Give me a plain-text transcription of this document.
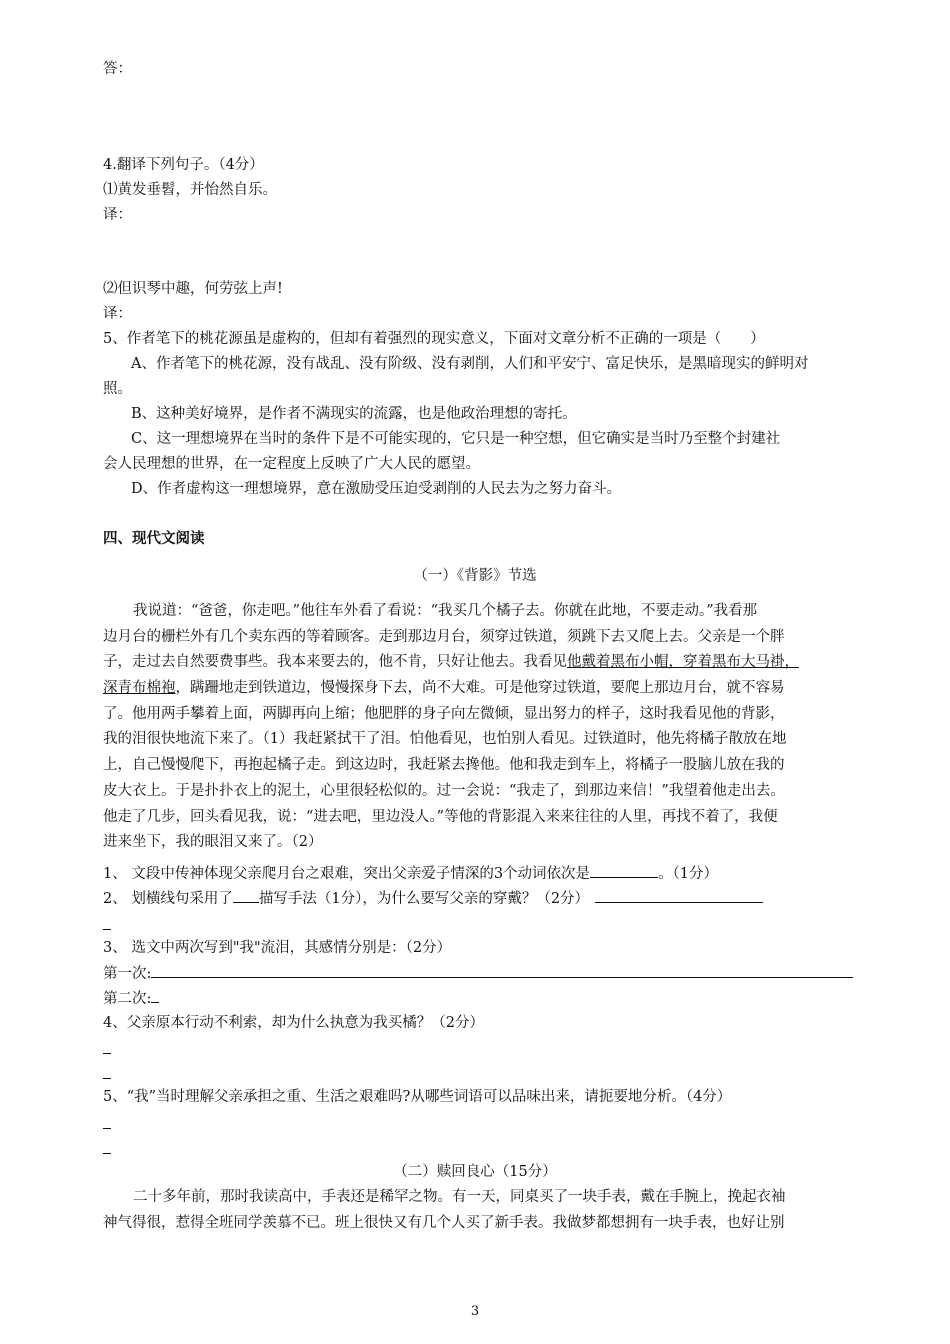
答：
4.翻译下列句子。（4分）
⑴黄发垂髫，并怡然自乐。
译：
⑵但识琴中趣，何劳弦上声!
译：
5、作者笔下的桃花源虽是虚构的，但却有着强烈的现实意义，下面对文章分析不正确的一项是（　　）
A、作者笔下的桃花源，没有战乱、没有阶级、没有剥削，人们和平安宁、富足快乐，是黑暗现实的鲜明对
照。
B、这种美好境界，是作者不满现实的流露，也是他政治理想的寄托。
C、这一理想境界在当时的条件下是不可能实现的，它只是一种空想，但它确实是当时乃至整个封建社
会人民理想的世界，在一定程度上反映了广大人民的愿望。
D、作者虚构这一理想境界，意在激励受压迫受剥削的人民去为之努力奋斗。
四、现代文阅读
（一）《背影》节选
我说道：“爸爸，你走吧。”他往车外看了看说：“我买几个橘子去。你就在此地，不要走动。”我看那
边月台的栅栏外有几个卖东西的等着顾客。走到那边月台，须穿过铁道，须跳下去又爬上去。父亲是一个胖
子，走过去自然要费事些。我本来要去的，他不肯，只好让他去。我看见他戴着黑布小帽，穿着黑布大马褂，
深青布棉袍，蹒跚地走到铁道边，慢慢探身下去，尚不大难。可是他穿过铁道，要爬上那边月台，就不容易
了。他用两手攀着上面，两脚再向上缩；他肥胖的身子向左微倾，显出努力的样子，这时我看见他的背影，
我的泪很快地流下来了。（1）我赶紧拭干了泪。怕他看见，也怕别人看见。过铁道时，他先将橘子散放在地
上，自己慢慢爬下，再抱起橘子走。到这边时，我赶紧去搀他。他和我走到车上，将橘子一股脑儿放在我的
皮大衣上。于是扑扑衣上的泥土，心里很轻松似的。过一会说：“我走了，到那边来信！”我望着他走出去。
他走了几步，回头看见我，说：“进去吧，里边没人。”等他的背影混入来来往往的人里，再找不着了，我便
进来坐下，我的眼泪又来了。（2）
1、 文段中传神体现父亲爬月台之艰难，突出父亲爱子情深的3个动词依次是	。（1分）
2、 划横线句采用了 描写手法（1分），为什么要写父亲的穿戴？（2分）
3、 选文中两次写到"我"流泪，其感情分别是：（2分）
第一次:
第二次:
4、父亲原本行动不利索，却为什么执意为我买橘？（2分）
5、“我”当时理解父亲承担之重、生活之艰难吗?从哪些词语可以品味出来，请扼要地分析。（4分）
（二）赎回良心（15分）
二十多年前，那时我读高中，手表还是稀罕之物。有一天，同桌买了一块手表，戴在手腕上，挽起衣袖
神气得很，惹得全班同学羡慕不已。班上很快又有几个人买了新手表。我做梦都想拥有一块手表，也好让别
3
